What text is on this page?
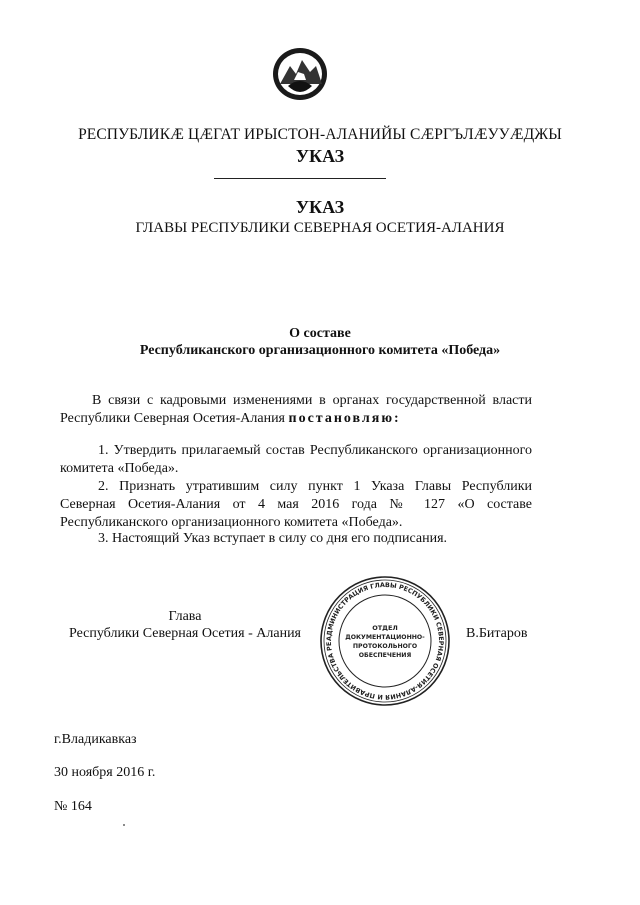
РЕСПУБЛИКӔ ЦӔГАТ ИРЫСТОН-АЛАНИЙЫ СӔРГЪЛӔУУӔДЖЫ
УКАЗ
УКАЗ
ГЛАВЫ РЕСПУБЛИКИ СЕВЕРНАЯ ОСЕТИЯ-АЛАНИЯ
О составе
Республиканского организационного комитета «Победа»
В связи с кадровыми изменениями в органах государственной власти Республики Северная Осетия-Алания постановляю:
1. Утвердить прилагаемый состав Республиканского организационного комитета «Победа».
2. Признать утратившим силу пункт 1 Указа Главы Республики Северная Осетия-Алания от 4 мая 2016 года № 127 «О составе Республиканского организационного комитета «Победа».
3. Настоящий Указ вступает в силу со дня его подписания.
Глава
Республики Северная Осетия - Алания	АДМИНИСТРАЦИЯ ГЛАВЫ РЕСПУБЛИКИ СЕВЕРНАЯ ОСЕТИЯ-АЛАНИЯ И ПРАВИТЕЛЬСТВА РЕ
ОТДЕЛ
ДОКУМЕНТАЦИОННО-
ПРОТОКОЛЬНОГО
ОБЕСПЕЧЕНИЯ
В.Битаров
г.Владикавказ
30 ноября 2016 г.
№ 164
